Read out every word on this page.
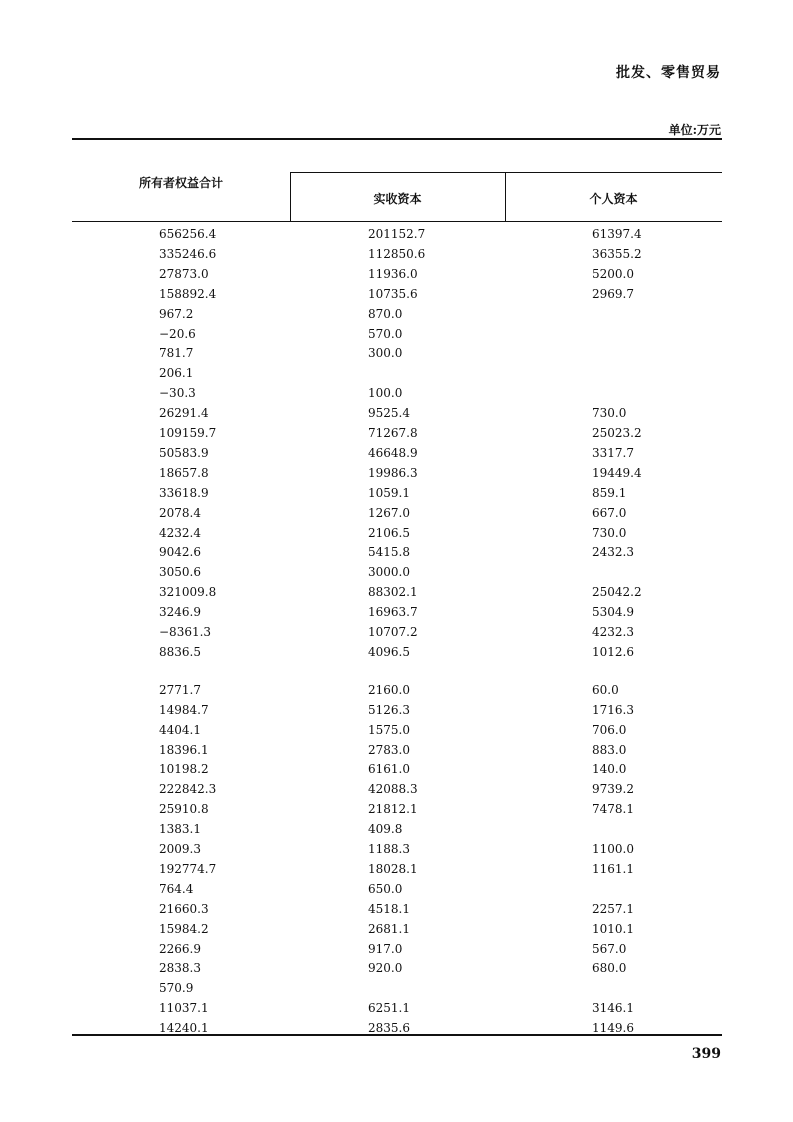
批发、零售贸易
单位:万元
所有者权益合计
实收资本	个人资本
656256.4	201152.7	61397.4
335246.6	112850.6	36355.2
27873.0	11936.0	5200.0
158892.4	10735.6	2969.7
967.2	870.0
−20.6	570.0
781.7	300.0
206.1
−30.3	100.0
26291.4	9525.4	730.0
109159.7	71267.8	25023.2
50583.9	46648.9	3317.7
18657.8	19986.3	19449.4
33618.9	1059.1	859.1
2078.4	1267.0	667.0
4232.4	2106.5	730.0
9042.6	5415.8	2432.3
3050.6	3000.0
321009.8	88302.1	25042.2
3246.9	16963.7	5304.9
−8361.3	10707.2	4232.3
8836.5	4096.5	1012.6
2771.7	2160.0	60.0
14984.7	5126.3	1716.3
4404.1	1575.0	706.0
18396.1	2783.0	883.0
10198.2	6161.0	140.0
222842.3	42088.3	9739.2
25910.8	21812.1	7478.1
1383.1	409.8
2009.3	1188.3	1100.0
192774.7	18028.1	1161.1
764.4	650.0
21660.3	4518.1	2257.1
15984.2	2681.1	1010.1
2266.9	917.0	567.0
2838.3	920.0	680.0
570.9
11037.1	6251.1	3146.1
14240.1	2835.6	1149.6
399
